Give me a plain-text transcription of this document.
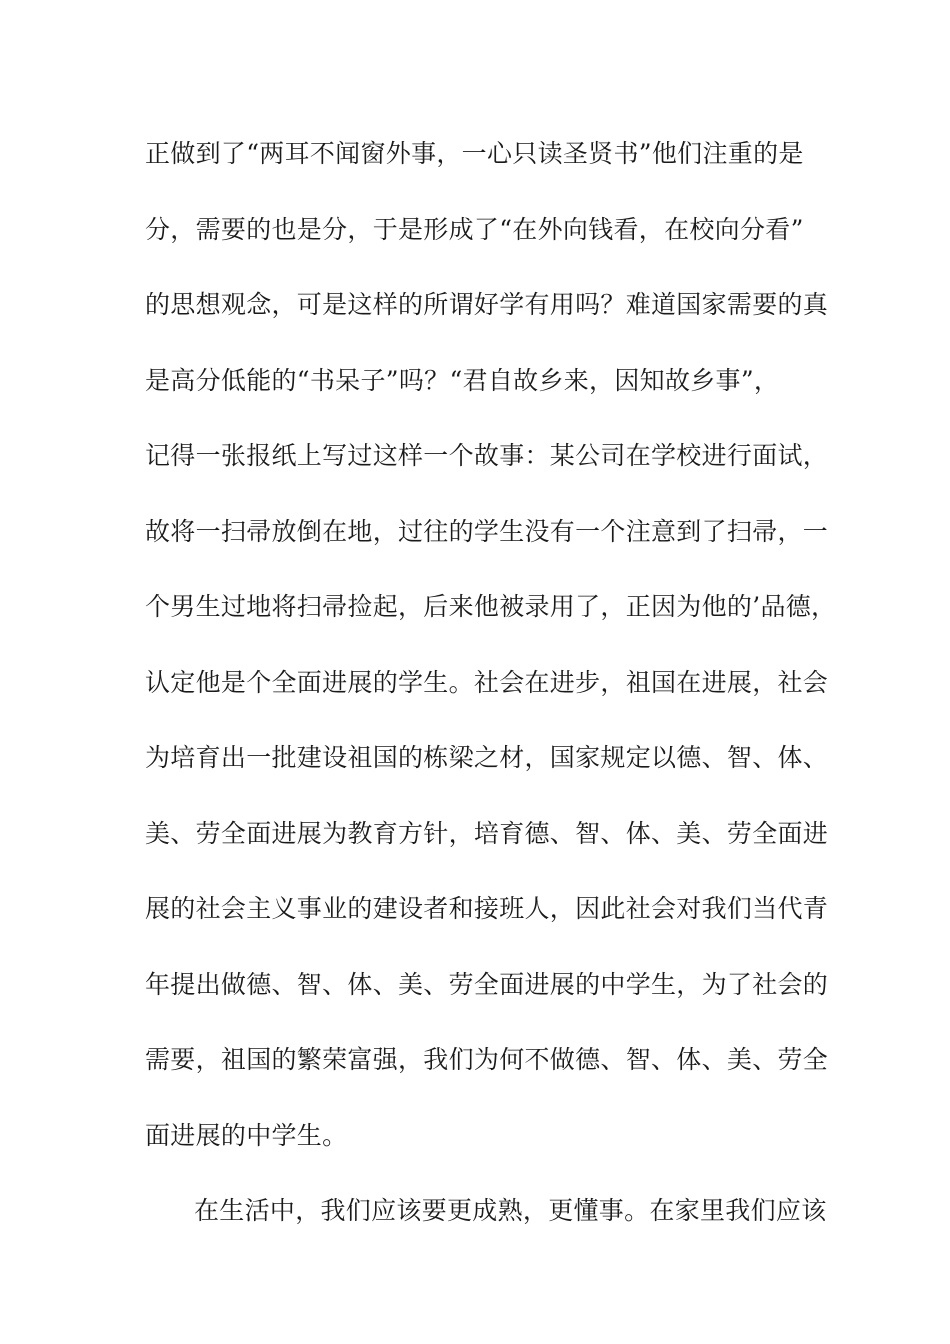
正做到了“两耳不闻窗外事，一心只读圣贤书”他们注重的是
分，需要的也是分，于是形成了“在外向钱看，在校向分看”
的思想观念，可是这样的所谓好学有用吗？难道国家需要的真
是高分低能的“书呆子”吗？“君自故乡来，因知故乡事”，
记得一张报纸上写过这样一个故事：某公司在学校进行面试，
故将一扫帚放倒在地，过往的学生没有一个注意到了扫帚，一
个男生过地将扫帚捡起，后来他被录用了，正因为他的’品德，
认定他是个全面进展的学生。社会在进步，祖国在进展，社会
为培育出一批建设祖国的栋梁之材，国家规定以德、智、体、
美、劳全面进展为教育方针，培育德、智、体、美、劳全面进
展的社会主义事业的建设者和接班人，因此社会对我们当代青
年提出做德、智、体、美、劳全面进展的中学生，为了社会的
需要，祖国的繁荣富强，我们为何不做德、智、体、美、劳全
面进展的中学生。
在生活中，我们应该要更成熟，更懂事。在家里我们应该
